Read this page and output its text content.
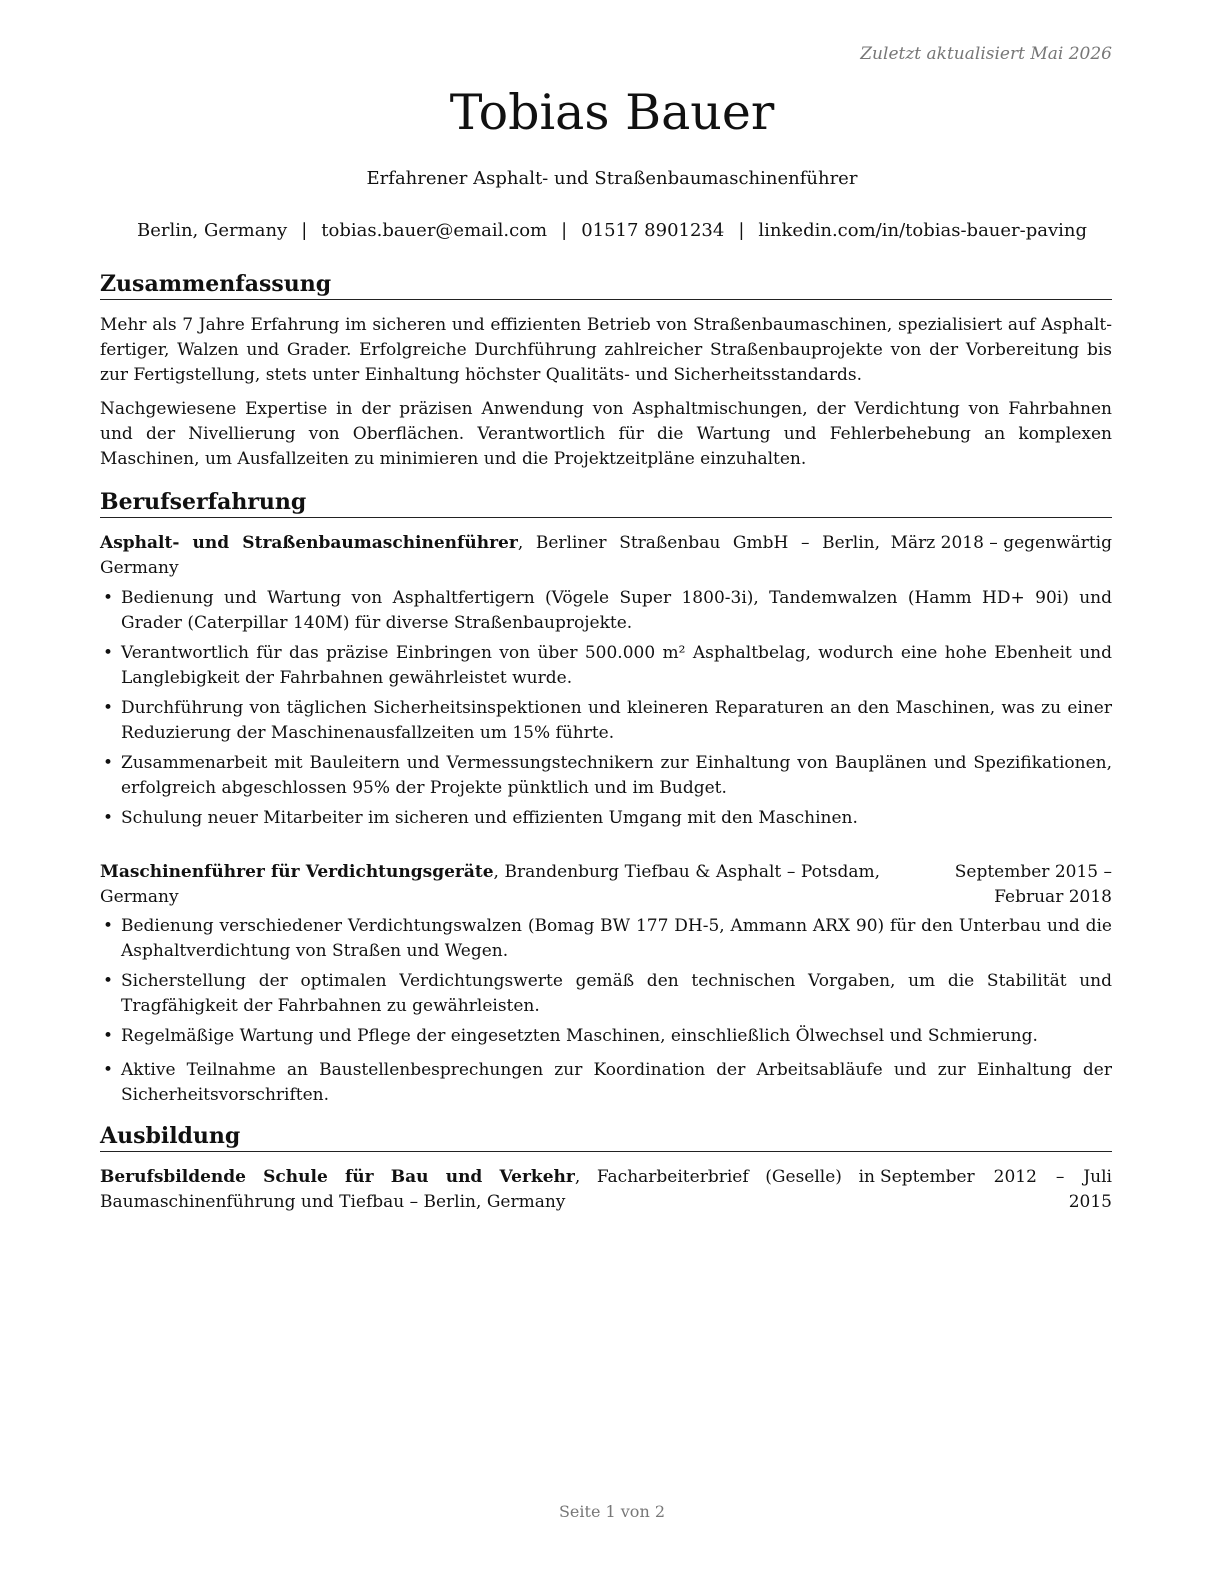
Zuletzt aktualisiert Mai 2026
Tobias Bauer
Erfahrener Asphalt- und Straßenbaumaschinenführer
Berlin, Germany | tobias.bauer@email.com | 01517 8901234 | linkedin.com/in/tobias-bauer-paving
Zusammenfassung

Mehr als 7 Jahre Erfahrung im sicheren und effizienten Betrieb von Straßenbaumaschinen, spezialisiert auf Asphaltfertiger, Walzen und Grader. Erfolgreiche Durchführung zahlreicher Straßenbauprojekte von der Vorbereitung bis zur Fertigstellung, stets unter Einhaltung höchster Qualitäts- und Sicherheitsstandards.

Nachgewiesene Expertise in der präzisen Anwendung von Asphaltmischungen, der Verdichtung von Fahrbahnen und der Nivellierung von Oberflächen. Verantwortlich für die Wartung und Fehlerbehebung an komplexen Maschinen, um Ausfallzeiten zu minimieren und die Projektzeitpläne einzuhalten.

Berufserfahrung
Asphalt- und Straßenbaumaschinenführer, Berliner Straßenbau GmbH – Berlin, Germany
März 2018 – gegenwärtig
• Bedienung und Wartung von Asphaltfertigern (Vögele Super 1800-3i), Tandemwalzen (Hamm HD+ 90i) und Grader (Caterpillar 140M) für diverse Straßenbauprojekte.
• Verantwortlich für das präzise Einbringen von über 500.000 m² Asphaltbelag, wodurch eine hohe Ebenheit und Langlebigkeit der Fahrbahnen gewährleistet wurde.
• Durchführung von täglichen Sicherheitsinspektionen und kleineren Reparaturen an den Maschinen, was zu einer Reduzierung der Maschinenausfallzeiten um 15% führte.
• Zusammenarbeit mit Bauleitern und Vermessungstechnikern zur Einhaltung von Bauplänen und Spezifikationen, erfolgreich abgeschlossen 95% der Projekte pünktlich und im Budget.
• Schulung neuer Mitarbeiter im sicheren und effizienten Umgang mit den Maschinen.
Maschinenführer für Verdichtungsgeräte, Brandenburg Tiefbau & Asphalt – Potsdam, Germany
September 2015 – Februar 2018
• Bedienung verschiedener Verdichtungswalzen (Bomag BW 177 DH-5, Ammann ARX 90) für den Unterbau und die Asphaltverdichtung von Straßen und Wegen.
• Sicherstellung der optimalen Verdichtungswerte gemäß den technischen Vorgaben, um die Stabilität und Tragfähigkeit der Fahrbahnen zu gewährleisten.
• Regelmäßige Wartung und Pflege der eingesetzten Maschinen, einschließlich Ölwechsel und Schmierung.
• Aktive Teilnahme an Baustellenbesprechungen zur Koordination der Arbeitsabläufe und zur Einhaltung der Sicherheitsvorschriften.
Ausbildung
Berufsbildende Schule für Bau und Verkehr, Facharbeiterbrief (Geselle) in Baumaschinenführung und Tiefbau – Berlin, Germany
September 2012 – Juli 2015
Seite 1 von 2
